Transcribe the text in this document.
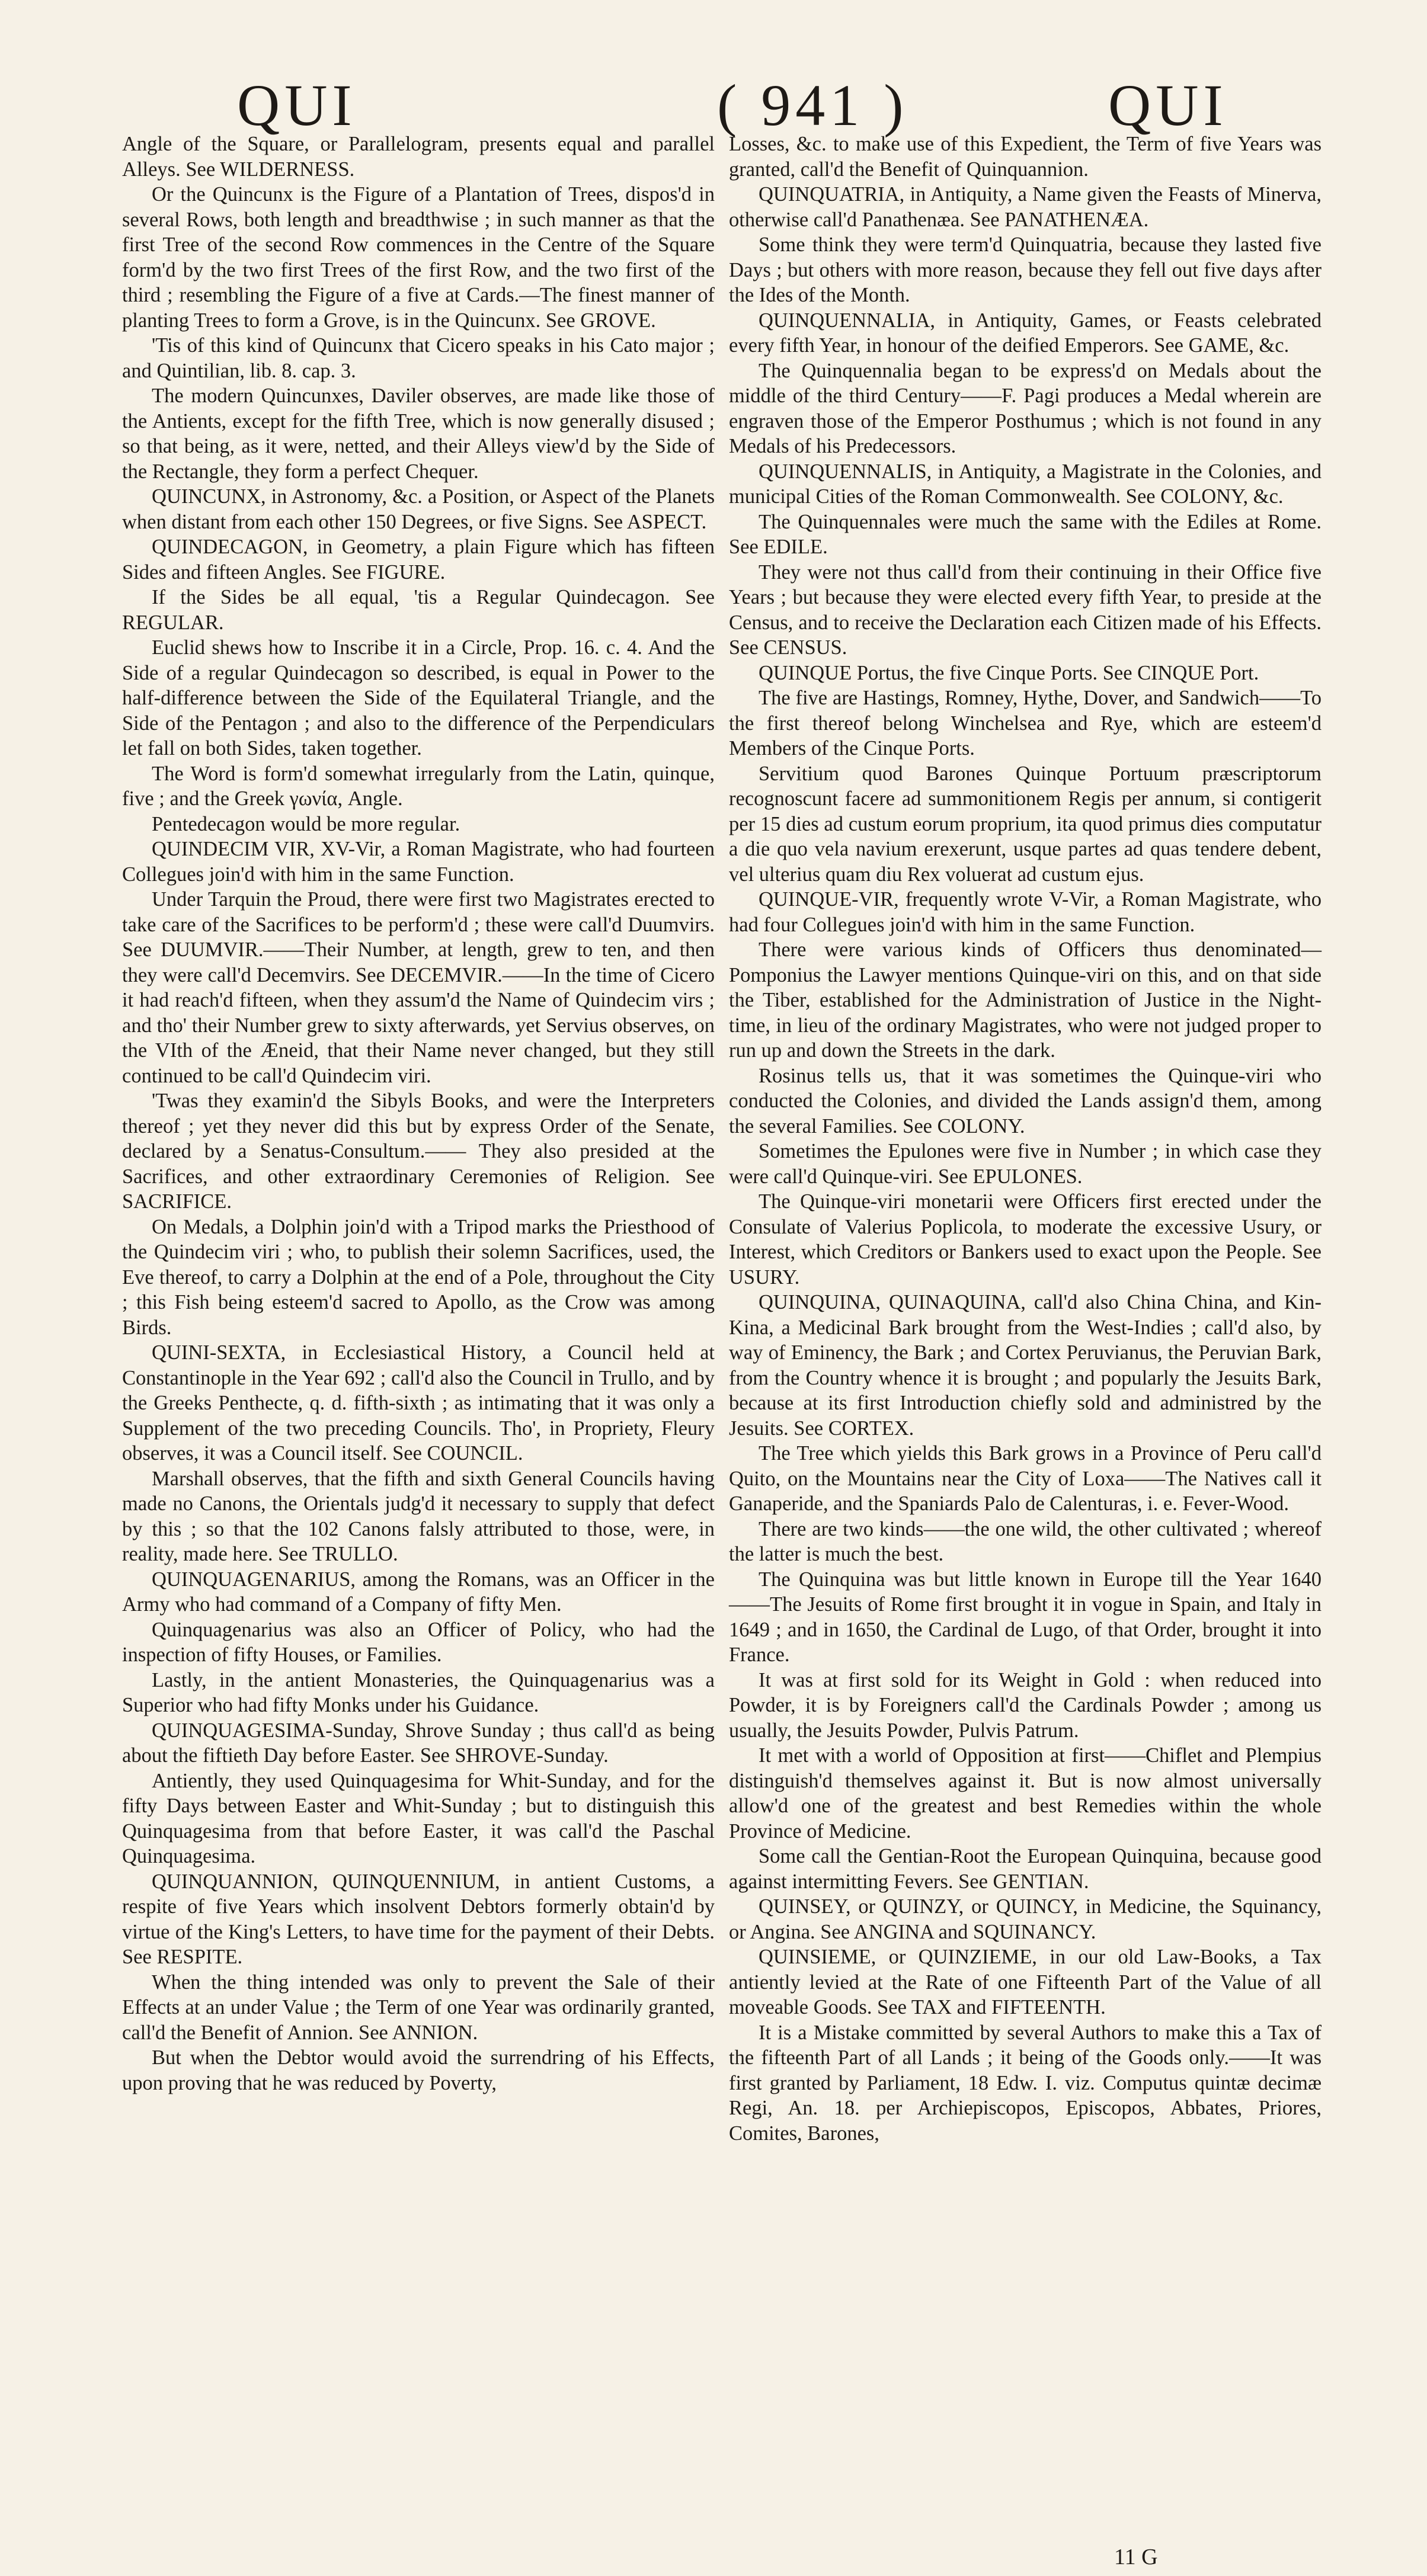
QUI	( 941 )	QUI

Angle of the Square, or Parallelogram, presents equal and parallel Alleys. See WILDERNESS.

Or the Quincunx is the Figure of a Plantation of Trees, dispos'd in several Rows, both length and breadthwise ; in such manner as that the first Tree of the second Row commences in the Centre of the Square form'd by the two first Trees of the first Row, and the two first of the third ; resembling the Figure of a five at Cards.—The finest manner of planting Trees to form a Grove, is in the Quincunx. See GROVE.

'Tis of this kind of Quincunx that Cicero speaks in his Cato major ; and Quintilian, lib. 8. cap. 3.

The modern Quincunxes, Daviler observes, are made like those of the Antients, except for the fifth Tree, which is now generally disused ; so that being, as it were, netted, and their Alleys view'd by the Side of the Rectangle, they form a perfect Chequer.

QUINCUNX, in Astronomy, &c. a Position, or Aspect of the Planets when distant from each other 150 Degrees, or five Signs. See ASPECT.

QUINDECAGON, in Geometry, a plain Figure which has fifteen Sides and fifteen Angles. See FIGURE.

If the Sides be all equal, 'tis a Regular Quindecagon. See REGULAR.

Euclid shews how to Inscribe it in a Circle, Prop. 16. c. 4. And the Side of a regular Quindecagon so described, is equal in Power to the half-difference between the Side of the Equilateral Triangle, and the Side of the Pentagon ; and also to the difference of the Perpendiculars let fall on both Sides, taken together.

The Word is form'd somewhat irregularly from the Latin, quinque, five ; and the Greek γωνία, Angle.

Pentedecagon would be more regular.

QUINDECIM VIR, XV-Vir, a Roman Magistrate, who had fourteen Collegues join'd with him in the same Function.

Under Tarquin the Proud, there were first two Magistrates erected to take care of the Sacrifices to be perform'd ; these were call'd Duumvirs. See DUUMVIR.——Their Number, at length, grew to ten, and then they were call'd Decemvirs. See DECEMVIR.——In the time of Cicero it had reach'd fifteen, when they assum'd the Name of Quindecim virs ; and tho' their Number grew to sixty afterwards, yet Servius observes, on the VIth of the Æneid, that their Name never changed, but they still continued to be call'd Quindecim viri.

'Twas they examin'd the Sibyls Books, and were the Interpreters thereof ; yet they never did this but by express Order of the Senate, declared by a Senatus-Consultum.—— They also presided at the Sacrifices, and other extraordinary Ceremonies of Religion. See SACRIFICE.

On Medals, a Dolphin join'd with a Tripod marks the Priesthood of the Quindecim viri ; who, to publish their solemn Sacrifices, used, the Eve thereof, to carry a Dolphin at the end of a Pole, throughout the City ; this Fish being esteem'd sacred to Apollo, as the Crow was among Birds.

QUINI-SEXTA, in Ecclesiastical History, a Council held at Constantinople in the Year 692 ; call'd also the Council in Trullo, and by the Greeks Penthecte, q. d. fifth-sixth ; as intimating that it was only a Supplement of the two preceding Councils. Tho', in Propriety, Fleury observes, it was a Council itself. See COUNCIL.

Marshall observes, that the fifth and sixth General Councils having made no Canons, the Orientals judg'd it necessary to supply that defect by this ; so that the 102 Canons falsly attributed to those, were, in reality, made here. See TRULLO.

QUINQUAGENARIUS, among the Romans, was an Officer in the Army who had command of a Company of fifty Men.

Quinquagenarius was also an Officer of Policy, who had the inspection of fifty Houses, or Families.

Lastly, in the antient Monasteries, the Quinquagenarius was a Superior who had fifty Monks under his Guidance.

QUINQUAGESIMA-Sunday, Shrove Sunday ; thus call'd as being about the fiftieth Day before Easter. See SHROVE-Sunday.

Antiently, they used Quinquagesima for Whit-Sunday, and for the fifty Days between Easter and Whit-Sunday ; but to distinguish this Quinquagesima from that before Easter, it was call'd the Paschal Quinquagesima.

QUINQUANNION, QUINQUENNIUM, in antient Customs, a respite of five Years which insolvent Debtors formerly obtain'd by virtue of the King's Letters, to have time for the payment of their Debts. See RESPITE.

When the thing intended was only to prevent the Sale of their Effects at an under Value ; the Term of one Year was ordinarily granted, call'd the Benefit of Annion. See ANNION.

But when the Debtor would avoid the surrendring of his Effects, upon proving that he was reduced by Poverty,

Losses, &c. to make use of this Expedient, the Term of five Years was granted, call'd the Benefit of Quinquannion.

QUINQUATRIA, in Antiquity, a Name given the Feasts of Minerva, otherwise call'd Panathenæa. See PANATHENÆA.

Some think they were term'd Quinquatria, because they lasted five Days ; but others with more reason, because they fell out five days after the Ides of the Month.

QUINQUENNALIA, in Antiquity, Games, or Feasts celebrated every fifth Year, in honour of the deified Emperors. See GAME, &c.

The Quinquennalia began to be express'd on Medals about the middle of the third Century——F. Pagi produces a Medal wherein are engraven those of the Emperor Posthumus ; which is not found in any Medals of his Predecessors.

QUINQUENNALIS, in Antiquity, a Magistrate in the Colonies, and municipal Cities of the Roman Commonwealth. See COLONY, &c.

The Quinquennales were much the same with the Ediles at Rome. See EDILE.

They were not thus call'd from their continuing in their Office five Years ; but because they were elected every fifth Year, to preside at the Census, and to receive the Declaration each Citizen made of his Effects. See CENSUS.

QUINQUE Portus, the five Cinque Ports. See CINQUE Port.

The five are Hastings, Romney, Hythe, Dover, and Sandwich——To the first thereof belong Winchelsea and Rye, which are esteem'd Members of the Cinque Ports.

Servitium quod Barones Quinque Portuum præscriptorum recognoscunt facere ad summonitionem Regis per annum, si contigerit per 15 dies ad custum eorum proprium, ita quod primus dies computatur a die quo vela navium erexerunt, usque partes ad quas tendere debent, vel ulterius quam diu Rex voluerat ad custum ejus.

QUINQUE-VIR, frequently wrote V-Vir, a Roman Magistrate, who had four Collegues join'd with him in the same Function.

There were various kinds of Officers thus denominated— Pomponius the Lawyer mentions Quinque-viri on this, and on that side the Tiber, established for the Administration of Justice in the Night-time, in lieu of the ordinary Magistrates, who were not judged proper to run up and down the Streets in the dark.

Rosinus tells us, that it was sometimes the Quinque-viri who conducted the Colonies, and divided the Lands assign'd them, among the several Families. See COLONY.

Sometimes the Epulones were five in Number ; in which case they were call'd Quinque-viri. See EPULONES.

The Quinque-viri monetarii were Officers first erected under the Consulate of Valerius Poplicola, to moderate the excessive Usury, or Interest, which Creditors or Bankers used to exact upon the People. See USURY.

QUINQUINA, QUINAQUINA, call'd also China China, and Kin-Kina, a Medicinal Bark brought from the West-Indies ; call'd also, by way of Eminency, the Bark ; and Cortex Peruvianus, the Peruvian Bark, from the Country whence it is brought ; and popularly the Jesuits Bark, because at its first Introduction chiefly sold and administred by the Jesuits. See CORTEX.

The Tree which yields this Bark grows in a Province of Peru call'd Quito, on the Mountains near the City of Loxa——The Natives call it Ganaperide, and the Spaniards Palo de Calenturas, i. e. Fever-Wood.

There are two kinds——the one wild, the other cultivated ; whereof the latter is much the best.

The Quinquina was but little known in Europe till the Year 1640——The Jesuits of Rome first brought it in vogue in Spain, and Italy in 1649 ; and in 1650, the Cardinal de Lugo, of that Order, brought it into France.

It was at first sold for its Weight in Gold : when reduced into Powder, it is by Foreigners call'd the Cardinals Powder ; among us usually, the Jesuits Powder, Pulvis Patrum.

It met with a world of Opposition at first——Chiflet and Plempius distinguish'd themselves against it. But is now almost universally allow'd one of the greatest and best Remedies within the whole Province of Medicine.

Some call the Gentian-Root the European Quinquina, because good against intermitting Fevers. See GENTIAN.

QUINSEY, or QUINZY, or QUINCY, in Medicine, the Squinancy, or Angina. See ANGINA and SQUINANCY.

QUINSIEME, or QUINZIEME, in our old Law-Books, a Tax antiently levied at the Rate of one Fifteenth Part of the Value of all moveable Goods. See TAX and FIFTEENTH.

It is a Mistake committed by several Authors to make this a Tax of the fifteenth Part of all Lands ; it being of the Goods only.——It was first granted by Parliament, 18 Edw. I. viz. Computus quintæ decimæ Regi, An. 18. per Archiepiscopos, Episcopos, Abbates, Priores, Comites, Barones,

11 G
